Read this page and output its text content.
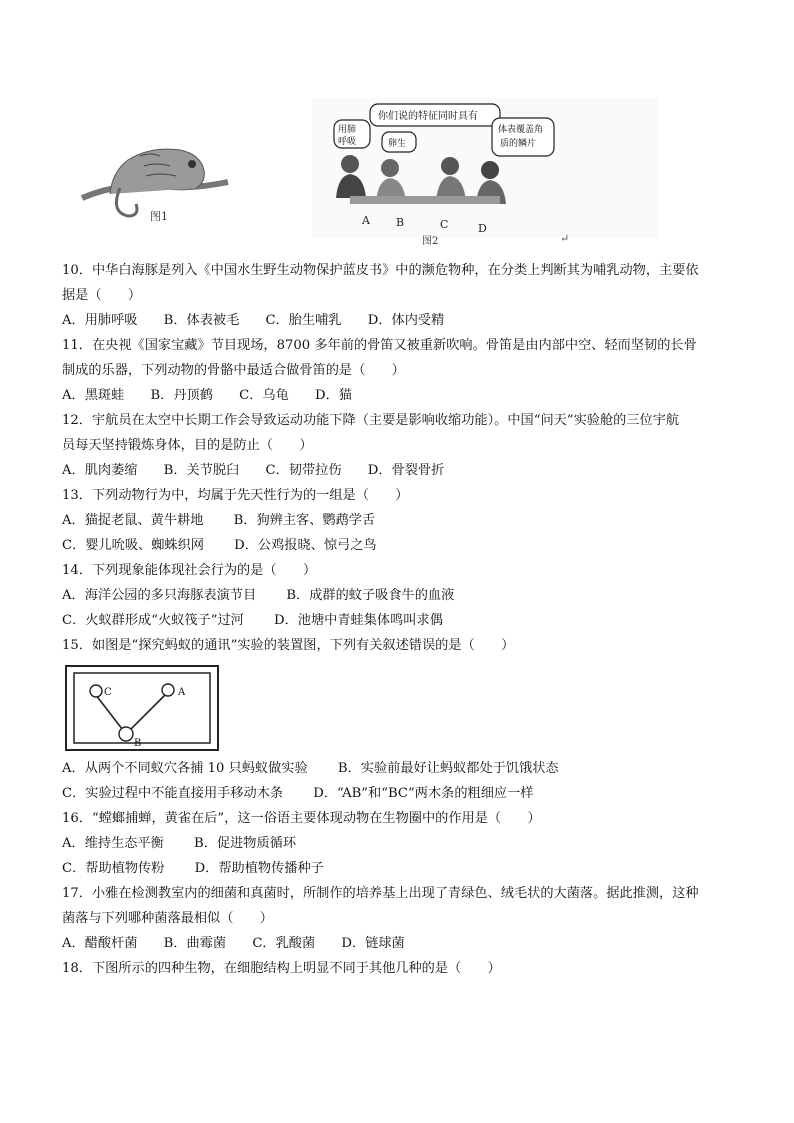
图1
你们说的特征同时具有
用肺
呼吸	卵生
体表覆盖角
质的鳞片
A B	C	D
图2	↵

10．中华白海豚是列入《中国水生野生动物保护蓝皮书》中的濒危物种，在分类上判断其为哺乳动物，主要依

据是（　　）

A．用肺呼吸 B．体表被毛 C．胎生哺乳 D．体内受精

11．在央视《国家宝藏》节目现场，8700 多年前的骨笛又被重新吹响。骨笛是由内部中空、轻而坚韧的长骨

制成的乐器，下列动物的骨骼中最适合做骨笛的是（　　）

A．黑斑蛙 B．丹顶鹤 C．乌龟 D．猫

12．宇航员在太空中长期工作会导致运动功能下降（主要是影响收缩功能）。中国“问天”实验舱的三位宇航

员每天坚持锻炼身体，目的是防止（　　）

A．肌肉萎缩 B．关节脱臼 C．韧带拉伤 D．骨裂骨折

13．下列动物行为中，均属于先天性行为的一组是（　　）

A．猫捉老鼠、黄牛耕地 B．狗辨主客、鹦鹉学舌

C．婴儿吮吸、蜘蛛织网 D．公鸡报晓、惊弓之鸟

14．下列现象能体现社会行为的是（　　）

A．海洋公园的多只海豚表演节目 B．成群的蚊子吸食牛的血液

C．火蚁群形成“火蚁筏子”过河 D．池塘中青蛙集体鸣叫求偶

15．如图是“探究蚂蚁的通讯”实验的装置图，下列有关叙述错误的是（　　）

C	A
B

A．从两个不同蚁穴各捕 10 只蚂蚁做实验 B．实验前最好让蚂蚁都处于饥饿状态

C．实验过程中不能直接用手移动木条 D．“AB”和“BC”两木条的粗细应一样

16．“螳螂捕蝉，黄雀在后”，这一俗语主要体现动物在生物圈中的作用是（　　）

A．维持生态平衡 B．促进物质循环

C．帮助植物传粉 D．帮助植物传播种子

17．小雅在检测教室内的细菌和真菌时，所制作的培养基上出现了青绿色、绒毛状的大菌落。据此推测，这种

菌落与下列哪种菌落最相似（　　）

A．醋酸杆菌 B．曲霉菌 C．乳酸菌 D．链球菌

18．下图所示的四种生物，在细胞结构上明显不同于其他几种的是（　　）
